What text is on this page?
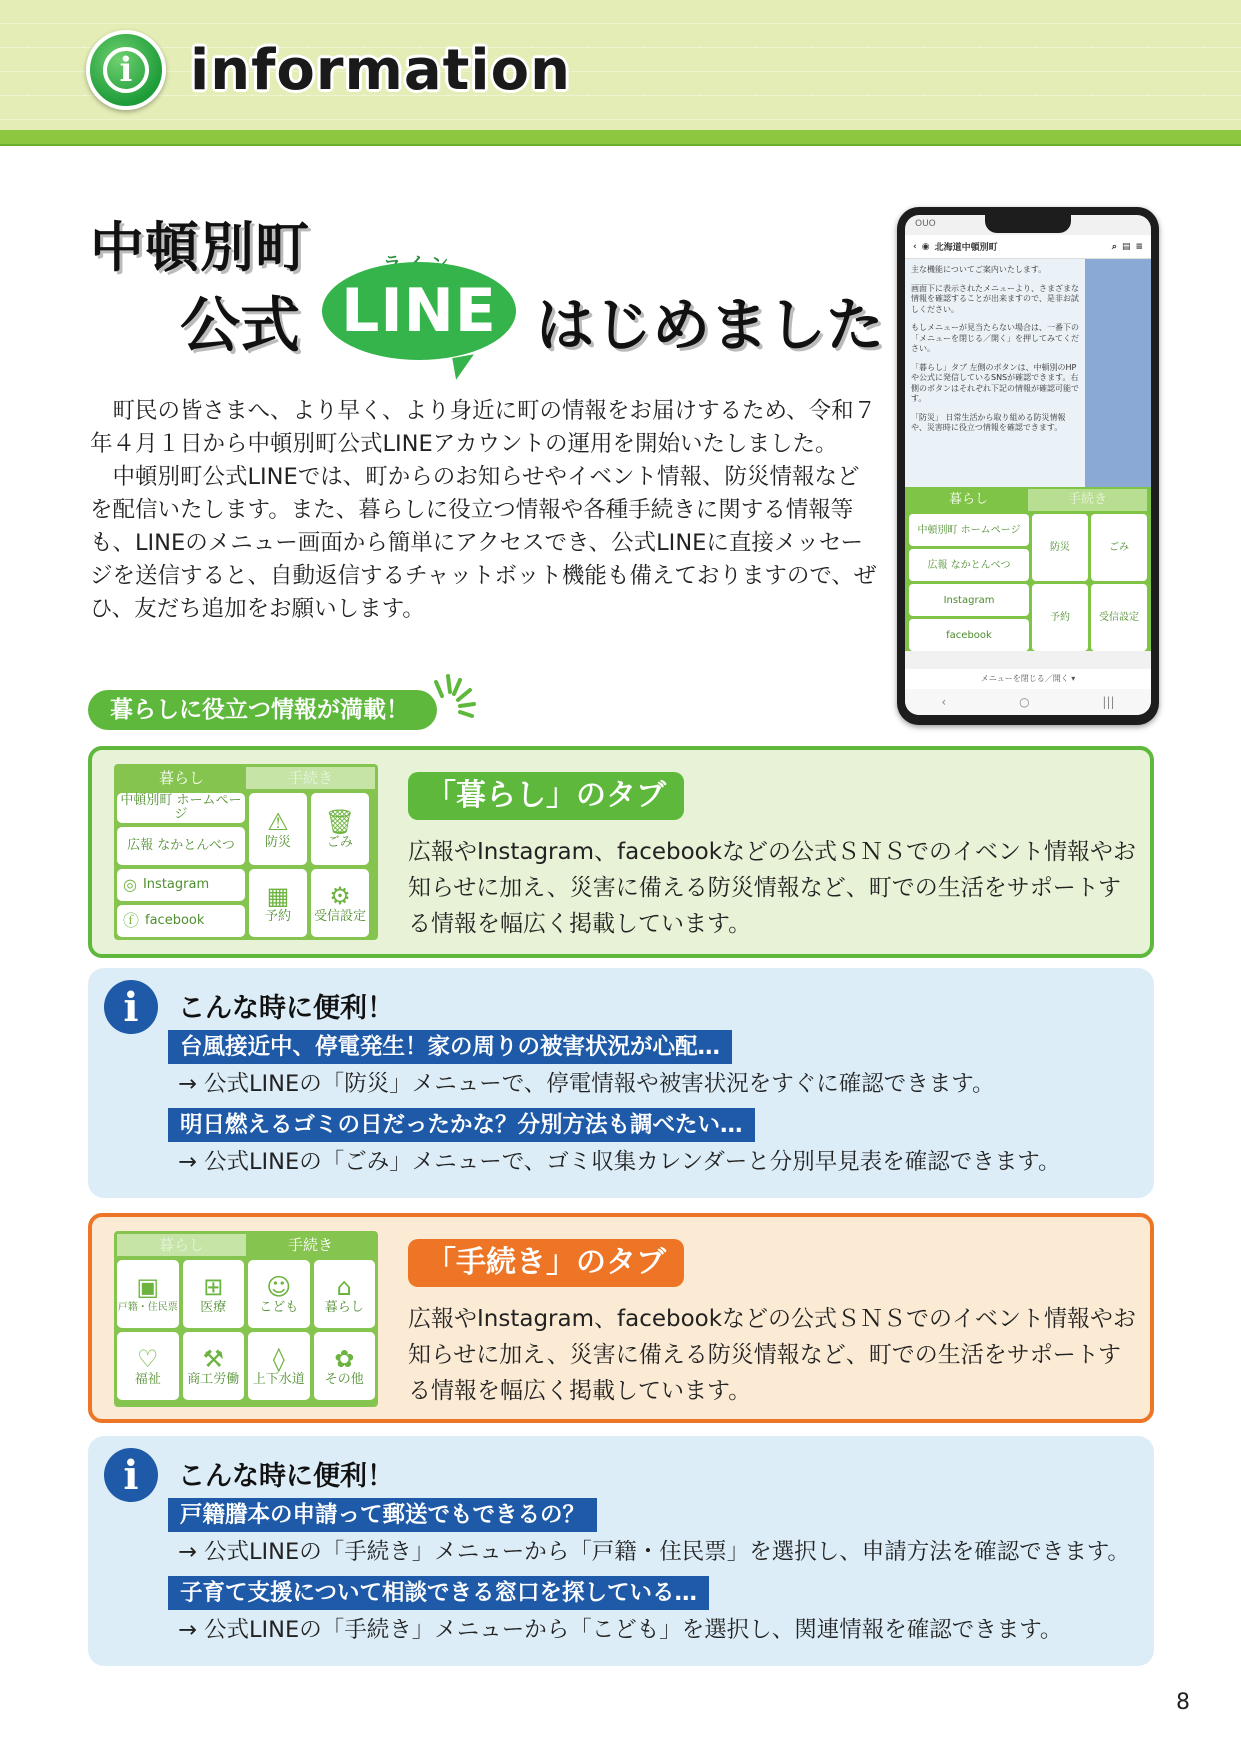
i information
中頓別町
公式 LINE はじめました

町民の皆さまへ、より早く、より身近に町の情報をお届けするため、令和７年４月１日から中頓別町公式LINEアカウントの運用を開始いたしました。

中頓別町公式LINEでは、町からのお知らせやイベント情報、防災情報などを配信いたします。また、暮らしに役立つ情報や各種手続きに関する情報等も、LINEのメニュー画面から簡単にアクセスでき、公式LINEに直接メッセージを送信すると、自動返信するチャットボット機能も備えておりますので、ぜひ、友だち追加をお願いします。

OUO
‹ ◉ 北海道中頓別町	⌕ ▤ ≡

主な機能についてご案内いたします。

画面下に表示されたメニューより、さまざまな情報を確認することが出来ますので、是非お試しください。

もしメニューが見当たらない場合は、一番下の「メニューを閉じる／開く」を押してみてください。

「暮らし」タブ 左側のボタンは、中頓別のHPや公式に発信しているSNSが確認できます。右側のボタンはそれぞれ下記の情報が確認可能です。

「防災」 日常生活から取り組める防災情報や、災害時に役立つ情報を確認できます。

暮らし	手続き
中頓別町 ホームページ
防災	ごみ
広報 なかとんべつ
Instagram
予約	受信設定
facebook
メニューを閉じる／開く ▾
‹	○	|||
暮らしに役立つ情報が満載！
暮らし	手続き
中頓別町 ホームページ	⚠
防災
🗑
ごみ
広報 なかとんべつ
◎ Instagram ▦
予約
⚙
受信設定
ⓕ facebook
「暮らし」のタブ
広報やInstagram、facebookなどの公式ＳＮＳでのイベント情報やお知らせに加え、災害に備える防災情報など、町での生活をサポートする情報を幅広く掲載しています。
i	こんな時に便利！
台風接近中、停電発生！家の周りの被害状況が心配…
→ 公式LINEの「防災」メニューで、停電情報や被害状況をすぐに確認できます。
明日燃えるゴミの日だったかな？分別方法も調べたい…
→ 公式LINEの「ごみ」メニューで、ゴミ収集カレンダーと分別早見表を確認できます。
暮らし	手続き
▣
戸籍・住民票
⊞
医療
☺
こども
⌂
暮らし
♡
福祉
⚒
商工労働
◊
上下水道
✿
その他
「手続き」のタブ
広報やInstagram、facebookなどの公式ＳＮＳでのイベント情報やお知らせに加え、災害に備える防災情報など、町での生活をサポートする情報を幅広く掲載しています。
i	こんな時に便利！
戸籍謄本の申請って郵送でもできるの？
→ 公式LINEの「手続き」メニューから「戸籍・住民票」を選択し、申請方法を確認できます。
子育て支援について相談できる窓口を探している…
→ 公式LINEの「手続き」メニューから「こども」を選択し、関連情報を確認できます。
8
